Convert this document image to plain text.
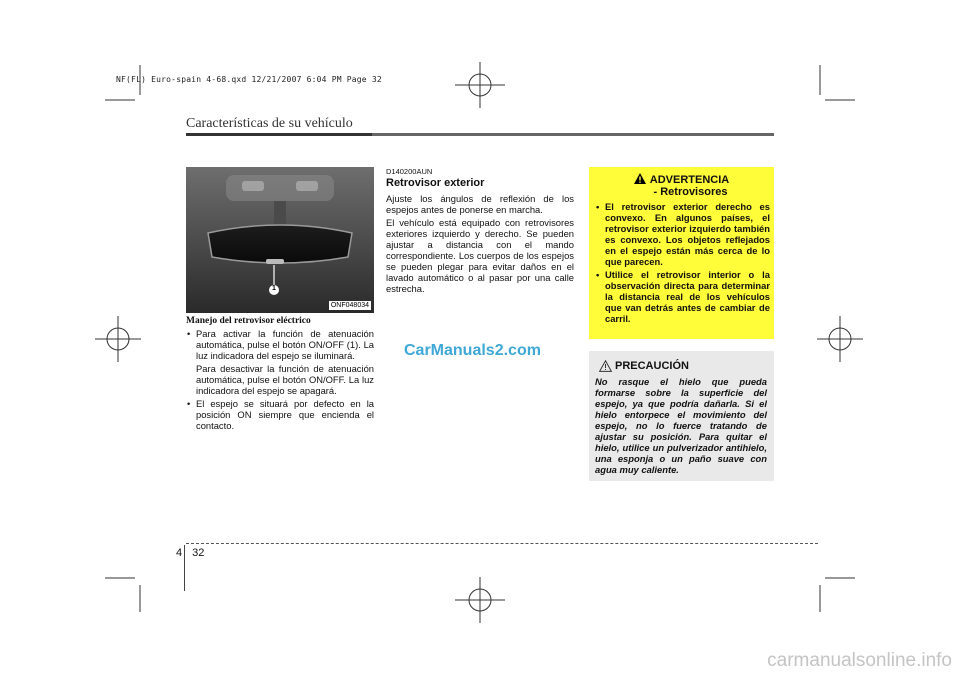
NF(FL) Euro-spain 4-68.qxd 12/21/2007 6:04 PM Page 32
Características de su vehículo
1
ONF048034
Manejo del retrovisor eléctrico

• Para activar la función de atenuación automática, pulse el botón ON/OFF (1). La luz indicadora del espejo se iluminará.

Para desactivar la función de atenuación automática, pulse el botón ON/OFF. La luz indicadora del espejo se apagará.

• El espejo se situará por defecto en la posición ON siempre que encienda el contacto.

D140200AUN
Retrovisor exterior

Ajuste los ángulos de reflexión de los espejos antes de ponerse en marcha.

El vehículo está equipado con retrovisores exteriores izquierdo y derecho. Se pueden ajustar a distancia con el mando correspondiente. Los cuerpos de los espejos se pueden plegar para evitar daños en el lavado automático o al pasar por una calle estrecha.

CarManuals2.com
ADVERTENCIA
- Retrovisores

• El retrovisor exterior derecho es convexo. En algunos países, el retrovisor exterior izquierdo también es convexo. Los objetos reflejados en el espejo están más cerca de lo que parecen.

• Utilice el retrovisor interior o la observación directa para determinar la distancia real de los vehículos que van detrás antes de cambiar de carril.

PRECAUCIÓN
No rasque el hielo que pueda formarse sobre la superficie del espejo, ya que podría dañarla. Si el hielo entorpece el movimiento del espejo, no lo fuerce tratando de ajustar su posición. Para quitar el hielo, utilice un pulverizador antihielo, una esponja o un paño suave con agua muy caliente.
4 32
carmanualsonline.info
